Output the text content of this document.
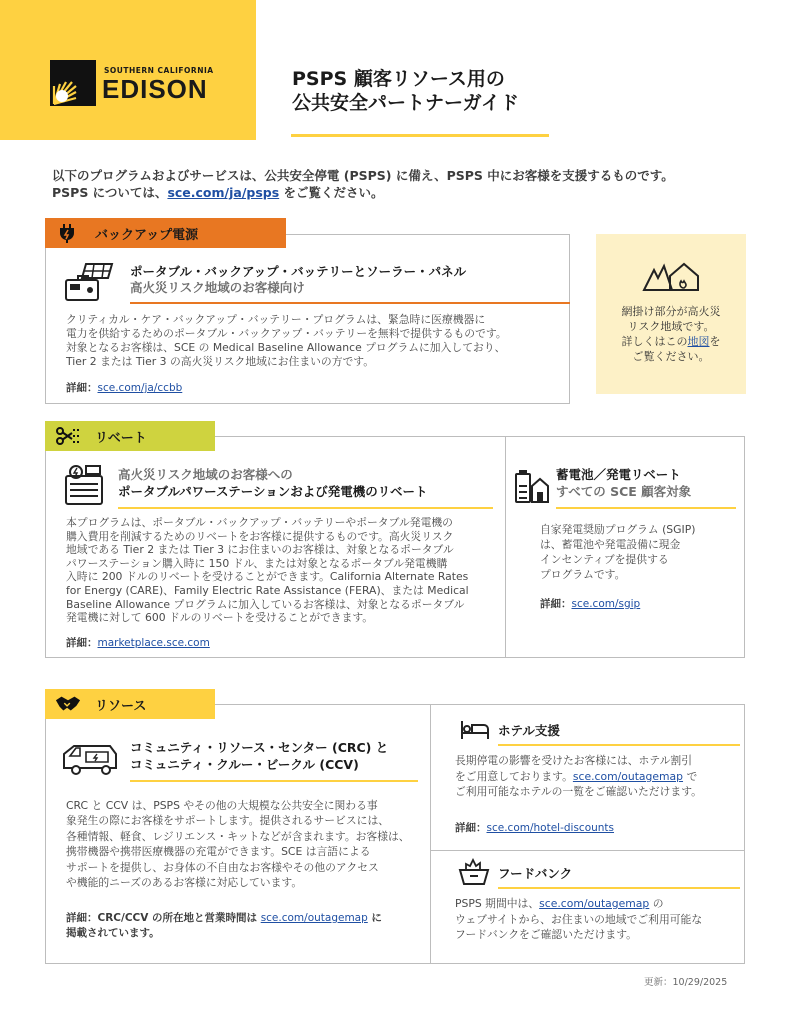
SOUTHERN CALIFORNIA
EDISON	PSPS 顧客リソース用の
公共安全パートナーガイド
以下のプログラムおよびサービスは、公共安全停電 (PSPS) に備え、PSPS 中にお客様を支援するものです。
PSPS については、sce.com/ja/psps をご覧ください。
バックアップ電源
ポータブル・バックアップ・バッテリーとソーラー・パネル
高火災リスク地域のお客様向け
クリティカル・ケア・バックアップ・バッテリー・プログラムは、緊急時に医療機器に
電力を供給するためのポータブル・バックアップ・バッテリーを無料で提供するものです。
対象となるお客様は、SCE の Medical Baseline Allowance プログラムに加入しており、
Tier 2 または Tier 3 の高火災リスク地域にお住まいの方です。
詳細：sce.com/ja/ccbb
網掛け部分が高火災
リスク地域です。
詳しくはこの地図を
ご覧ください。
リベート
高火災リスク地域のお客様への
ポータブルパワーステーションおよび発電機のリベート
本プログラムは、ポータブル・バックアップ・バッテリーやポータブル発電機の
購入費用を削減するためのリベートをお客様に提供するものです。高火災リスク
地域である Tier 2 または Tier 3 にお住まいのお客様は、対象となるポータブル
パワーステーション購入時に 150 ドル、または対象となるポータブル発電機購
入時に 200 ドルのリベートを受けることができます。California Alternate Rates
for Energy (CARE)、Family Electric Rate Assistance (FERA)、または Medical
Baseline Allowance プログラムに加入しているお客様は、対象となるポータブル
発電機に対して 600 ドルのリベートを受けることができます。
詳細：marketplace.sce.com
蓄電池／発電リベート
すべての SCE 顧客対象
自家発電奨励プログラム (SGIP)
は、蓄電池や発電設備に現金
インセンティブを提供する
プログラムです。
詳細：sce.com/sgip
リソース
コミュニティ・リソース・センター (CRC) と
コミュニティ・クルー・ビークル (CCV)
CRC と CCV は、PSPS やその他の大規模な公共安全に関わる事
象発生の際にお客様をサポートします。提供されるサービスには、
各種情報、軽食、レジリエンス・キットなどが含まれます。お客様は、
携帯機器や携帯医療機器の充電ができます。SCE は言語による
サポートを提供し、お身体の不自由なお客様やその他のアクセス
や機能的ニーズのあるお客様に対応しています。
詳細：CRC/CCV の所在地と営業時間は sce.com/outagemap に
掲載されています。
ホテル支援
長期停電の影響を受けたお客様には、ホテル割引
をご用意しております。sce.com/outagemap で
ご利用可能なホテルの一覧をご確認いただけます。
詳細：sce.com/hotel-discounts
フードバンク
PSPS 期間中は、sce.com/outagemap の
ウェブサイトから、お住まいの地域でご利用可能な
フードバンクをご確認いただけます。
更新：10/29/2025
